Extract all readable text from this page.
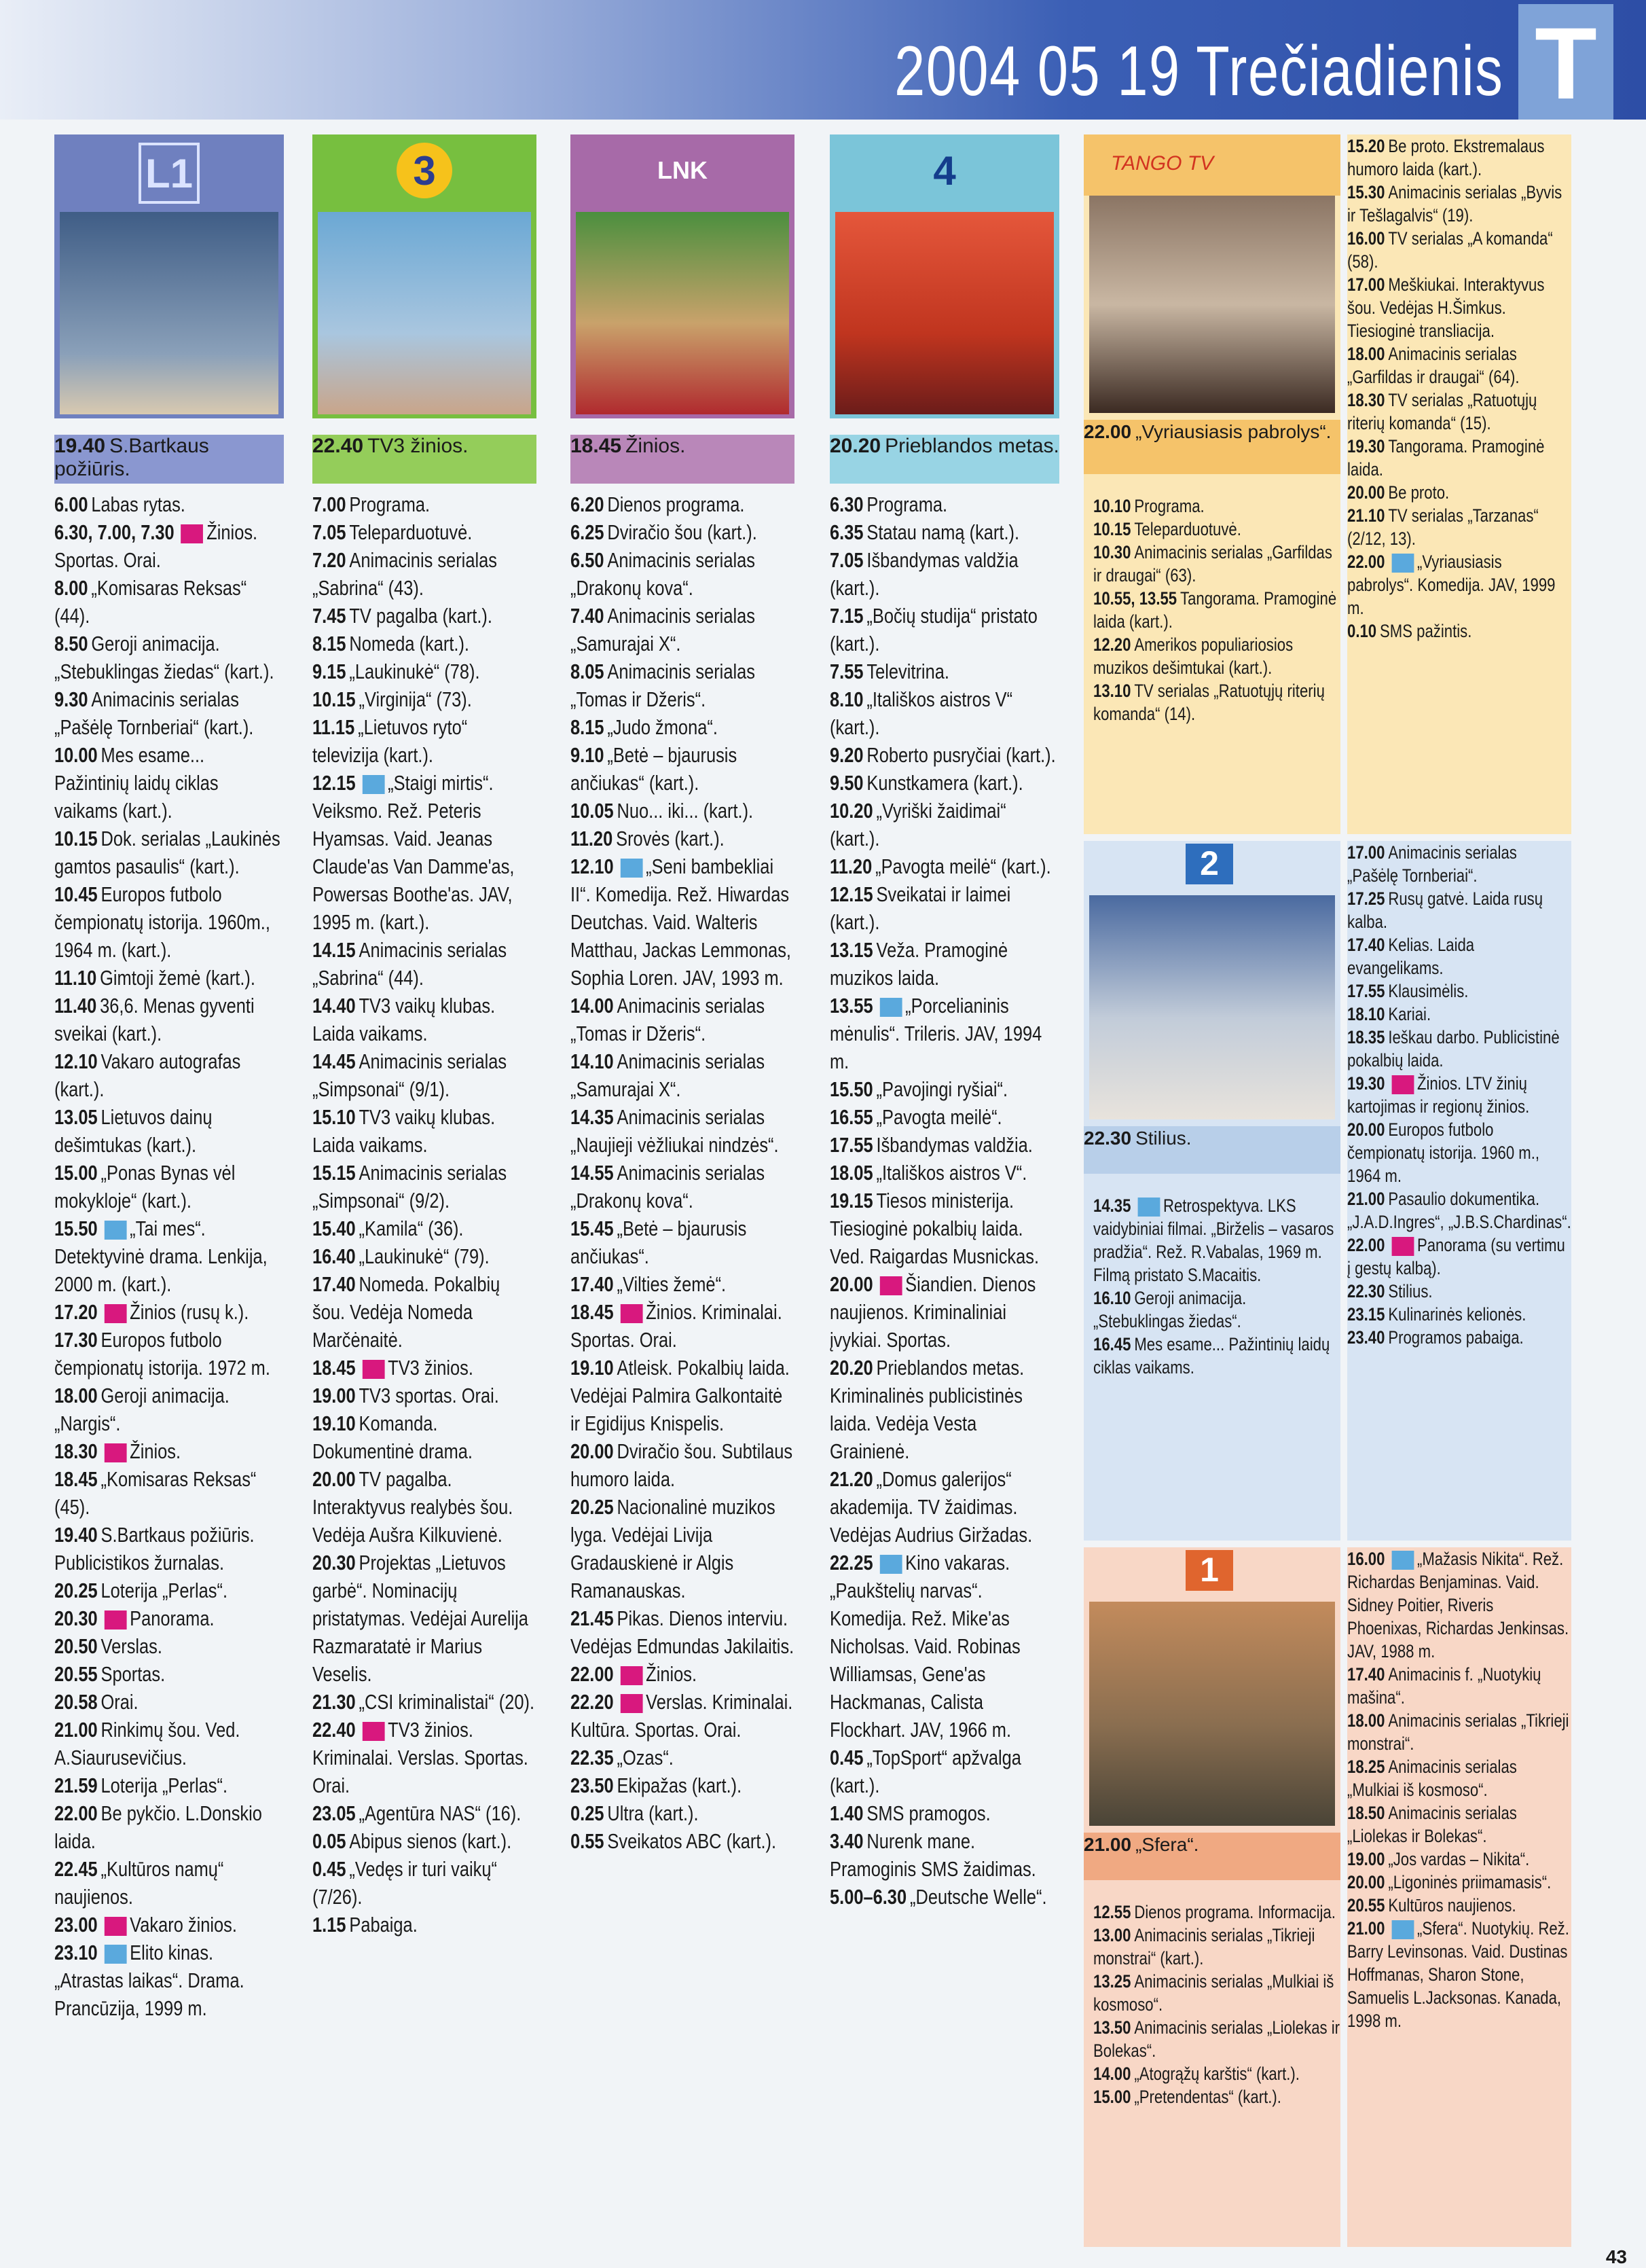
2004 05 19 Trečiadienis T
L1
19.40 S.Bartkaus požiūris.
6.00 Labas rytas.
6.30, 7.00, 7.30 Žinios. Sportas. Orai.
8.00 „Komisaras Reksas“ (44).
8.50 Geroji animacija. „Stebuklingas žiedas“ (kart.).
9.30 Animacinis serialas „Pašėlę Tornberiai“ (kart.).
10.00 Mes esame... Pažintinių laidų ciklas vaikams (kart.).
10.15 Dok. serialas „Laukinės gamtos pasaulis“ (kart.).
10.45 Europos futbolo čempionatų istorija. 1960m., 1964 m. (kart.).
11.10 Gimtoji žemė (kart.).
11.40 36,6. Menas gyventi sveikai (kart.).
12.10 Vakaro autografas (kart.).
13.05 Lietuvos dainų dešimtukas (kart.).
15.00 „Ponas Bynas vėl mokykloje“ (kart.).
15.50 „Tai mes“. Detektyvinė drama. Lenkija, 2000 m. (kart.).
17.20 Žinios (rusų k.).
17.30 Europos futbolo čempionatų istorija. 1972 m.
18.00 Geroji animacija. „Nargis“.
18.30 Žinios.
18.45 „Komisaras Reksas“ (45).
19.40 S.Bartkaus požiūris. Publicistikos žurnalas.
20.25 Loterija „Perlas“.
20.30 Panorama.
20.50 Verslas.
20.55 Sportas.
20.58 Orai.
21.00 Rinkimų šou. Ved. A.Siaurusevičius.
21.59 Loterija „Perlas“.
22.00 Be pykčio. L.Donskio laida.
22.45 „Kultūros namų“ naujienos.
23.00 Vakaro žinios.
23.10 Elito kinas. „Atrastas laikas“. Drama. Prancūzija, 1999 m.
3
22.40 TV3 žinios.
7.00 Programa.
7.05 Teleparduotuvė.
7.20 Animacinis serialas „Sabrina“ (43).
7.45 TV pagalba (kart.).
8.15 Nomeda (kart.).
9.15 „Laukinukė“ (78).
10.15 „Virginija“ (73).
11.15 „Lietuvos ryto“ televizija (kart.).
12.15 „Staigi mirtis“. Veiksmo. Rež. Peteris Hyamsas. Vaid. Jeanas Claude'as Van Damme'as, Powersas Boothe'as. JAV, 1995 m. (kart.).
14.15 Animacinis serialas „Sabrina“ (44).
14.40 TV3 vaikų klubas. Laida vaikams.
14.45 Animacinis serialas „Simpsonai“ (9/1).
15.10 TV3 vaikų klubas. Laida vaikams.
15.15 Animacinis serialas „Simpsonai“ (9/2).
15.40 „Kamila“ (36).
16.40 „Laukinukė“ (79).
17.40 Nomeda. Pokalbių šou. Vedėja Nomeda Marčėnaitė.
18.45 TV3 žinios.
19.00 TV3 sportas. Orai.
19.10 Komanda. Dokumentinė drama.
20.00 TV pagalba. Interaktyvus realybės šou. Vedėja Aušra Kilkuvienė.
20.30 Projektas „Lietuvos garbė“. Nominacijų pristatymas. Vedėjai Aurelija Razmaratatė ir Marius Veselis.
21.30 „CSI kriminalistai“ (20).
22.40 TV3 žinios. Kriminalai. Verslas. Sportas. Orai.
23.05 „Agentūra NAS“ (16).
0.05 Abipus sienos (kart.).
0.45 „Vedęs ir turi vaikų“ (7/26).
1.15 Pabaiga.
LNK
18.45 Žinios.
6.20 Dienos programa.
6.25 Dviračio šou (kart.).
6.50 Animacinis serialas „Drakonų kova“.
7.40 Animacinis serialas „Samurajai X“.
8.05 Animacinis serialas „Tomas ir Džeris“.
8.15 „Judo žmona“.
9.10 „Betė – bjaurusis ančiukas“ (kart.).
10.05 Nuo... iki... (kart.).
11.20 Srovės (kart.).
12.10 „Seni bambekliai II“. Komedija. Rež. Hiwardas Deutchas. Vaid. Walteris Matthau, Jackas Lemmonas, Sophia Loren. JAV, 1993 m.
14.00 Animacinis serialas „Tomas ir Džeris“.
14.10 Animacinis serialas „Samurajai X“.
14.35 Animacinis serialas „Naujieji vėžliukai nindzės“.
14.55 Animacinis serialas „Drakonų kova“.
15.45 „Betė – bjaurusis ančiukas“.
17.40 „Vilties žemė“.
18.45 Žinios. Kriminalai. Sportas. Orai.
19.10 Atleisk. Pokalbių laida. Vedėjai Palmira Galkontaitė ir Egidijus Knispelis.
20.00 Dviračio šou. Subtilaus humoro laida.
20.25 Nacionalinė muzikos lyga. Vedėjai Livija Gradauskienė ir Algis Ramanauskas.
21.45 Pikas. Dienos interviu. Vedėjas Edmundas Jakilaitis.
22.00 Žinios.
22.20 Verslas. Kriminalai. Kultūra. Sportas. Orai.
22.35 „Ozas“.
23.50 Ekipažas (kart.).
0.25 Ultra (kart.).
0.55 Sveikatos ABC (kart.).
4
20.20 Prieblandos metas.
6.30 Programa.
6.35 Statau namą (kart.).
7.05 Išbandymas valdžia (kart.).
7.15 „Bočių studija“ pristato (kart.).
7.55 Televitrina.
8.10 „Itališkos aistros V“ (kart.).
9.20 Roberto pusryčiai (kart.).
9.50 Kunstkamera (kart.).
10.20 „Vyriški žaidimai“ (kart.).
11.20 „Pavogta meilė“ (kart.).
12.15 Sveikatai ir laimei (kart.).
13.15 Veža. Pramoginė muzikos laida.
13.55 „Porcelianinis mėnulis“. Trileris. JAV, 1994 m.
15.50 „Pavojingi ryšiai“.
16.55 „Pavogta meilė“.
17.55 Išbandymas valdžia.
18.05 „Itališkos aistros V“.
19.15 Tiesos ministerija. Tiesioginė pokalbių laida. Ved. Raigardas Musnickas.
20.00 Šiandien. Dienos naujienos. Kriminaliniai įvykiai. Sportas.
20.20 Prieblandos metas. Kriminalinės publicistinės laida. Vedėja Vesta Grainienė.
21.20 „Domus galerijos“ akademija. TV žaidimas. Vedėjas Audrius Giržadas.
22.25 Kino vakaras. „Paukštelių narvas“. Komedija. Rež. Mike'as Nicholsas. Vaid. Robinas Williamsas, Gene'as Hackmanas, Calista Flockhart. JAV, 1966 m.
0.45 „TopSport“ apžvalga (kart.).
1.40 SMS pramogos.
3.40 Nurenk mane. Pramoginis SMS žaidimas.
5.00–6.30 „Deutsche Welle“.
TANGO TV
22.00 „Vyriausiasis pabrolys“.
10.10 Programa.
10.15 Teleparduotuvė.
10.30 Animacinis serialas „Garfildas ir draugai“ (63).
10.55, 13.55 Tangorama. Pramoginė laida (kart.).
12.20 Amerikos populiariosios muzikos dešimtukai (kart.).
13.10 TV serialas „Ratuotųjų riterių komanda“ (14).
15.20 Be proto. Ekstremalaus humoro laida (kart.).
15.30 Animacinis serialas „Byvis ir Tešlagalvis“ (19).
16.00 TV serialas „A komanda“ (58).
17.00 Meškiukai. Interaktyvus šou. Vedėjas H.Šimkus. Tiesioginė transliacija.
18.00 Animacinis serialas „Garfildas ir draugai“ (64).
18.30 TV serialas „Ratuotųjų riterių komanda“ (15).
19.30 Tangorama. Pramoginė laida.
20.00 Be proto.
21.10 TV serialas „Tarzanas“ (2/12, 13).
22.00 „Vyriausiasis pabrolys“. Komedija. JAV, 1999 m.
0.10 SMS pažintis.
2
22.30 Stilius.
14.35 Retrospektyva. LKS vaidybiniai filmai. „Birželis – vasaros pradžia“. Rež. R.Vabalas, 1969 m. Filmą pristato S.Macaitis.
16.10 Geroji animacija. „Stebuklingas žiedas“.
16.45 Mes esame... Pažintinių laidų ciklas vaikams.
17.00 Animacinis serialas „Pašėlę Tornberiai“.
17.25 Rusų gatvė. Laida rusų kalba.
17.40 Kelias. Laida evangelikams.
17.55 Klausimėlis.
18.10 Kariai.
18.35 Ieškau darbo. Publicistinė pokalbių laida.
19.30 Žinios. LTV žinių kartojimas ir regionų žinios.
20.00 Europos futbolo čempionatų istorija. 1960 m., 1964 m.
21.00 Pasaulio dokumentika. „J.A.D.Ingres“, „J.B.S.Chardinas“.
22.00 Panorama (su vertimu į gestų kalbą).
22.30 Stilius.
23.15 Kulinarinės kelionės.
23.40 Programos pabaiga.
1
21.00 „Sfera“.
12.55 Dienos programa. Informacija.
13.00 Animacinis serialas „Tikrieji monstrai“ (kart.).
13.25 Animacinis serialas „Mulkiai iš kosmoso“.
13.50 Animacinis serialas „Liolekas ir Bolekas“.
14.00 „Atogrąžų karštis“ (kart.).
15.00 „Pretendentas“ (kart.).
16.00 „Mažasis Nikita“. Rež. Richardas Benjaminas. Vaid. Sidney Poitier, Riveris Phoenixas, Richardas Jenkinsas. JAV, 1988 m.
17.40 Animacinis f. „Nuotykių mašina“.
18.00 Animacinis serialas „Tikrieji monstrai“.
18.25 Animacinis serialas „Mulkiai iš kosmoso“.
18.50 Animacinis serialas „Liolekas ir Bolekas“.
19.00 „Jos vardas – Nikita“.
20.00 „Ligoninės priimamasis“.
20.55 Kultūros naujienos.
21.00 „Sfera“. Nuotykių. Rež. Barry Levinsonas. Vaid. Dustinas Hoffmanas, Sharon Stone, Samuelis L.Jacksonas. Kanada, 1998 m.
43
